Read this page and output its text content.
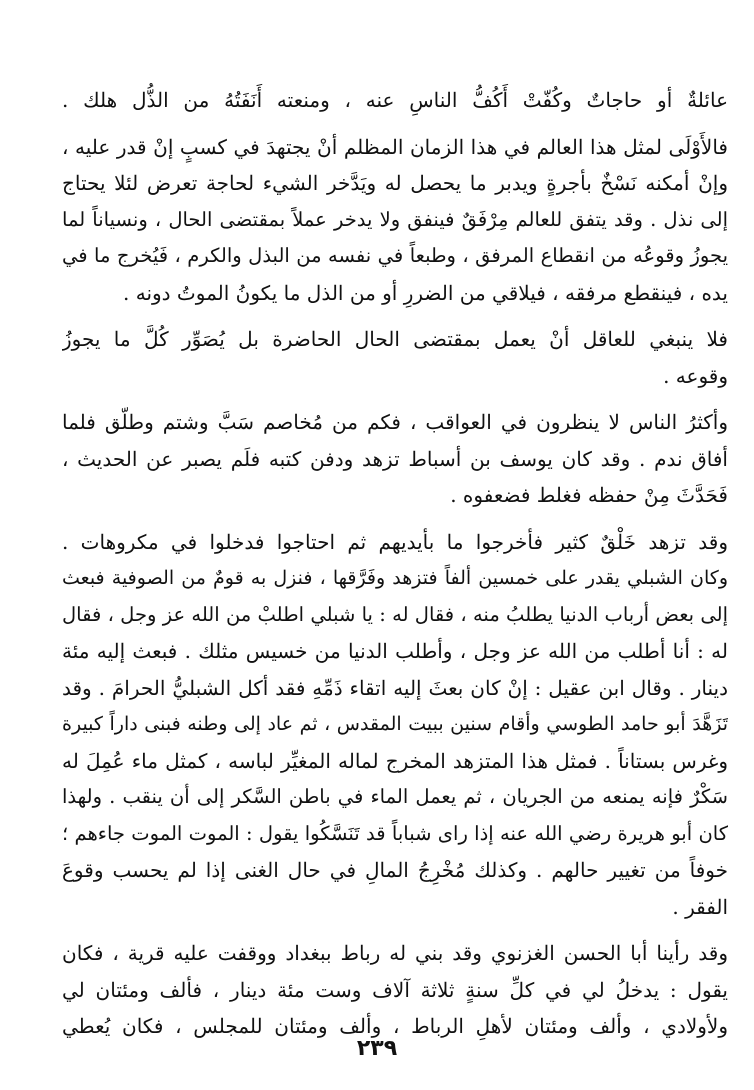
عائلةٌ أو حاجاتٌ وكُفّتْ أَكُفُّ الناسِ عنه ، ومنعته أَنَفَتُهُ من الذُّل هلك .

فالأَوْلَى لمثل هذا العالم في هذا الزمان المظلم أنْ يجتهدَ في كسبٍ إنْ قدر عليه ،
وإنْ أمكنه نَسْخٌ بأجرةٍ ويدبر ما يحصل له ويَدَّخر الشيء لحاجة تعرض لئلا يحتاج
إلى نذل . وقد يتفق للعالم مِرْفَقٌ فينفق ولا يدخر عملاً بمقتضى الحال ، ونسياناً لما
يجوزُ وقوعُه من انقطاع المرفق ، وطبعاً في نفسه من البذل والكرم ، فَيُخرج ما في
يده ، فينقطع مرفقه ، فيلاقي من الضررِ أو من الذل ما يكونُ الموتُ دونه .

فلا ينبغي للعاقل أنْ يعمل بمقتضى الحال الحاضرة بل يُصَوِّر كُلَّ ما يجوزُ
وقوعه .

وأكثرُ الناس لا ينظرون في العواقب ، فكم من مُخاصم سَبَّ وشتم وطلّق فلما
أفاق ندم . وقد كان يوسف بن أسباط تزهد ودفن كتبه فلَم يصبر عن الحديث ،
فَحَدَّثَ مِنْ حفظه فغلط فضعفوه .

وقد تزهد خَلْقٌ كثير فأخرجوا ما بأيديهم ثم احتاجوا فدخلوا في مكروهات .
وكان الشبلي يقدر على خمسين ألفاً فتزهد وفَرَّقها ، فنزل به قومٌ من الصوفية فبعث
إلى بعض أرباب الدنيا يطلبُ منه ، فقال له : يا شبلي اطلبْ من الله عز وجل ، فقال
له : أنا أطلب من الله عز وجل ، وأطلب الدنيا من خسيس مثلك . فبعث إليه مئة
دينار . وقال ابن عقيل : إنْ كان بعثَ إليه اتقاء ذَمِّهِ فقد أكل الشبليُّ الحرامَ . وقد
تَزَهَّدَ أبو حامد الطوسي وأقام سنين ببيت المقدس ، ثم عاد إلى وطنه فبنى داراً كبيرة
وغرس بستاناً . فمثل هذا المتزهد المخرج لماله المغيِّر لباسه ، كمثل ماء عُمِلَ له
سَكْرٌ فإنه يمنعه من الجريان ، ثم يعمل الماء في باطن السَّكر إلى أن ينقب . ولهذا
كان أبو هريرة رضي الله عنه إذا راى شباباً قد تَنَسَّكُوا يقول : الموت الموت جاءهم ؛
خوفاً من تغيير حالهم . وكذلك مُخْرِجُ المالِ في حال الغنى إذا لم يحسب وقوعَ
الفقر .

وقد رأينا أبا الحسن الغزنوي وقد بني له رباط ببغداد ووقفت عليه قرية ، فكان
يقول : يدخلُ لي في كلِّ سنةٍ ثلاثة آلاف وست مئة دينار ، فألف ومئتان لي
ولأولادي ، وألف ومئتان لأهلِ الرباط ، وألف ومئتان للمجلس ، فكان يُعطي

٢٣٩
